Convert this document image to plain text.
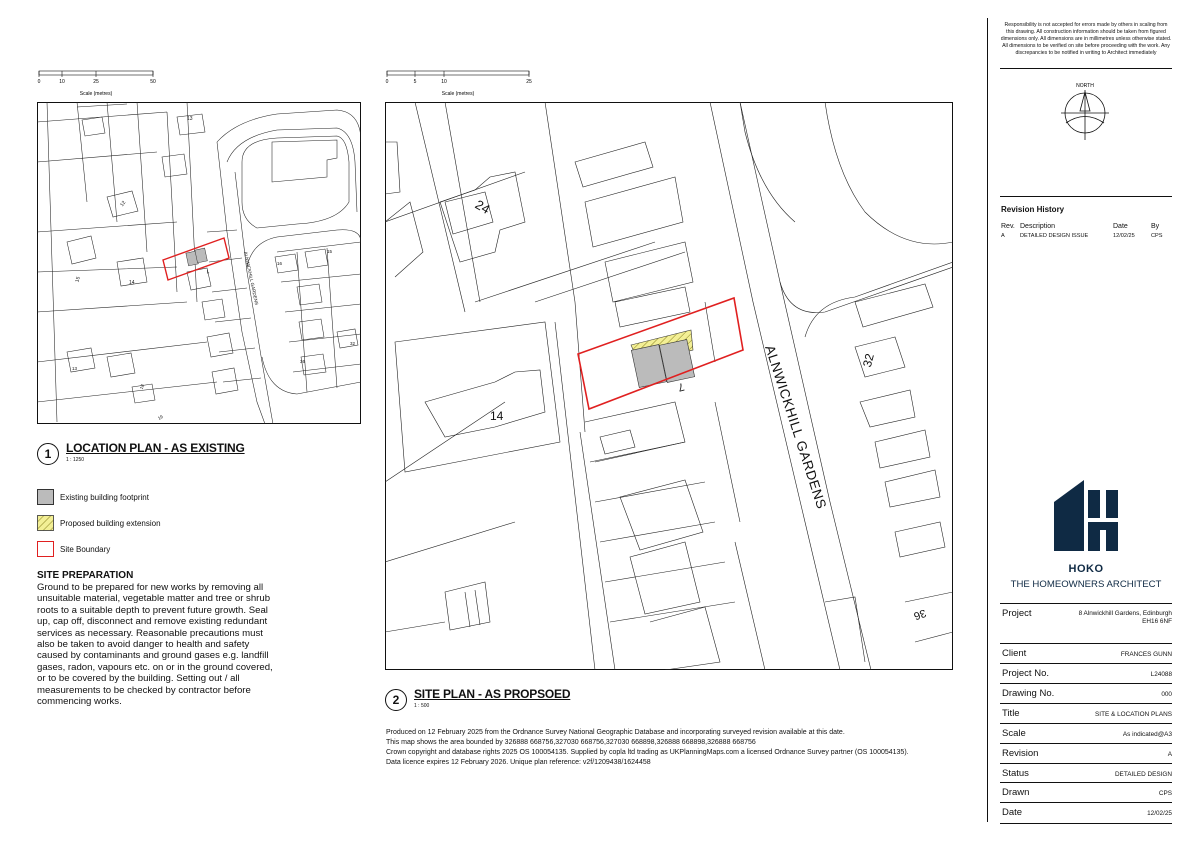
0	10	25	50
Scale (metres)
13
12
15
14
7	ALNWICKHILL GARDENS	16
15
36
32
13
18
19
1	LOCATION PLAN - AS EXISTING
1 : 1250
Existing building footprint
Proposed building extension
Site Boundary
SITE PREPARATION
Ground to be prepared for new works by removing all unsuitable material, vegetable matter and tree or shrub roots to a suitable depth to prevent future growth. Seal up, cap off, disconnect and remove existing redundant services as necessary. Reasonable precautions must also be taken to avoid danger to health and safety caused by contaminants and ground gases e.g. landfill gases, radon, vapours etc. on or in the ground covered, or to be covered by the building. Setting out / all measurements to be checked by contractor before commencing works.
0	5	10	25
Scale (metres)
24
14
7	ALNWICKHILL GARDENS	32
36
2	SITE PLAN - AS PROPSOED
1 : 500
Produced on 12 February 2025 from the Ordnance Survey National Geographic Database and incorporating surveyed revision available at this date.
This map shows the area bounded by 326888 668756,327030 668756,327030 668898,326888 668898,326888 668756
Crown copyright and database rights 2025 OS 100054135. Supplied by copla ltd trading as UKPlanningMaps.com a licensed Ordnance Survey partner (OS 100054135).
Data licence expires 12 February 2026. Unique plan reference: v2f/1209438/1624458
Responsibility is not accepted for errors made by others in scaling from this drawing. All construction information should be taken from figured dimensions only. All dimensions are in millimetres unless otherwise stated. All dimensions to be verified on site before proceeding with the work. Any discrepancies to be notified in writing to Architect immediately
NORTH
Revision History
Rev. Description	Date	By
A	DETAILED DESIGN ISSUE	12/02/25	CPS
HOKO
THE HOMEOWNERS ARCHITECT
Project	8 Alnwickhill Gardens, Edinburgh
EH16 6NF
Client	FRANCES GUNN
Project No.	L24088
Drawing No.	000
Title	SITE & LOCATION PLANS
Scale	As indicated@A3
Revision	A
Status	DETAILED DESIGN
Drawn	CPS
Date	12/02/25
